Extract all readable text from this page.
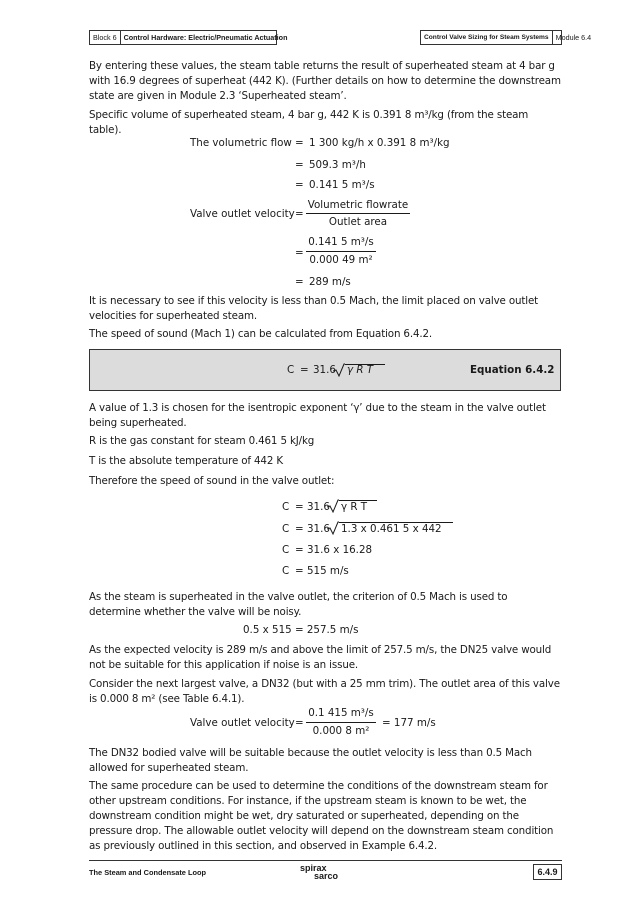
Block 6 Control Hardware: Electric/Pneumatic Actuation	Control Valve Sizing for Steam Systems Module 6.4
By entering these values, the steam table returns the result of superheated steam at 4 bar g with 16.9 degrees of superheat (442 K). (Further details on how to determine the downstream state are given in Module 2.3 ‘Superheated steam’.
Specific volume of superheated steam, 4 bar g, 442 K is 0.391 8 m³/kg (from the steam table).
The volumetric flow = 1 300 kg/h x 0.391 8 m³/kg
= 509.3 m³/h
= 0.141 5 m³/s
Valve outlet velocity =
Volumetric flowrate
Outlet area
=
0.141 5 m³/s
0.000 49 m²
= 289 m/s
It is necessary to see if this velocity is less than 0.5 Mach, the limit placed on valve outlet velocities for superheated steam.
The speed of sound (Mach 1) can be calculated from Equation 6.4.2.
C = 31.6 γ R T	Equation 6.4.2
A value of 1.3 is chosen for the isentropic exponent ‘γ’ due to the steam in the valve outlet being superheated.
R is the gas constant for steam 0.461 5 kJ/kg
T is the absolute temperature of 442 K
Therefore the speed of sound in the valve outlet:
C = 31.6 γ R T
C = 31.6 1.3 x 0.461 5 x 442
C = 31.6 x 16.28
C = 515 m/s
As the steam is superheated in the valve outlet, the criterion of 0.5 Mach is used to determine whether the valve will be noisy.
0.5 x 515 = 257.5 m/s
As the expected velocity is 289 m/s and above the limit of 257.5 m/s, the DN25 valve would not be suitable for this application if noise is an issue.
Consider the next largest valve, a DN32 (but with a 25 mm trim). The outlet area of this valve is 0.000 8 m² (see Table 6.4.1).
Valve outlet velocity =
0.1 415 m³/s
0.000 8 m²
= 177 m/s
The DN32 bodied valve will be suitable because the outlet velocity is less than 0.5 Mach allowed for superheated steam.
The same procedure can be used to determine the conditions of the downstream steam for other upstream conditions. For instance, if the upstream steam is known to be wet, the downstream condition might be wet, dry saturated or superheated, depending on the pressure drop. The allowable outlet velocity will depend on the downstream steam condition as previously outlined in this section, and observed in Example 6.4.2.
The Steam and Condensate Loop	spirax
sarco	6.4.9
